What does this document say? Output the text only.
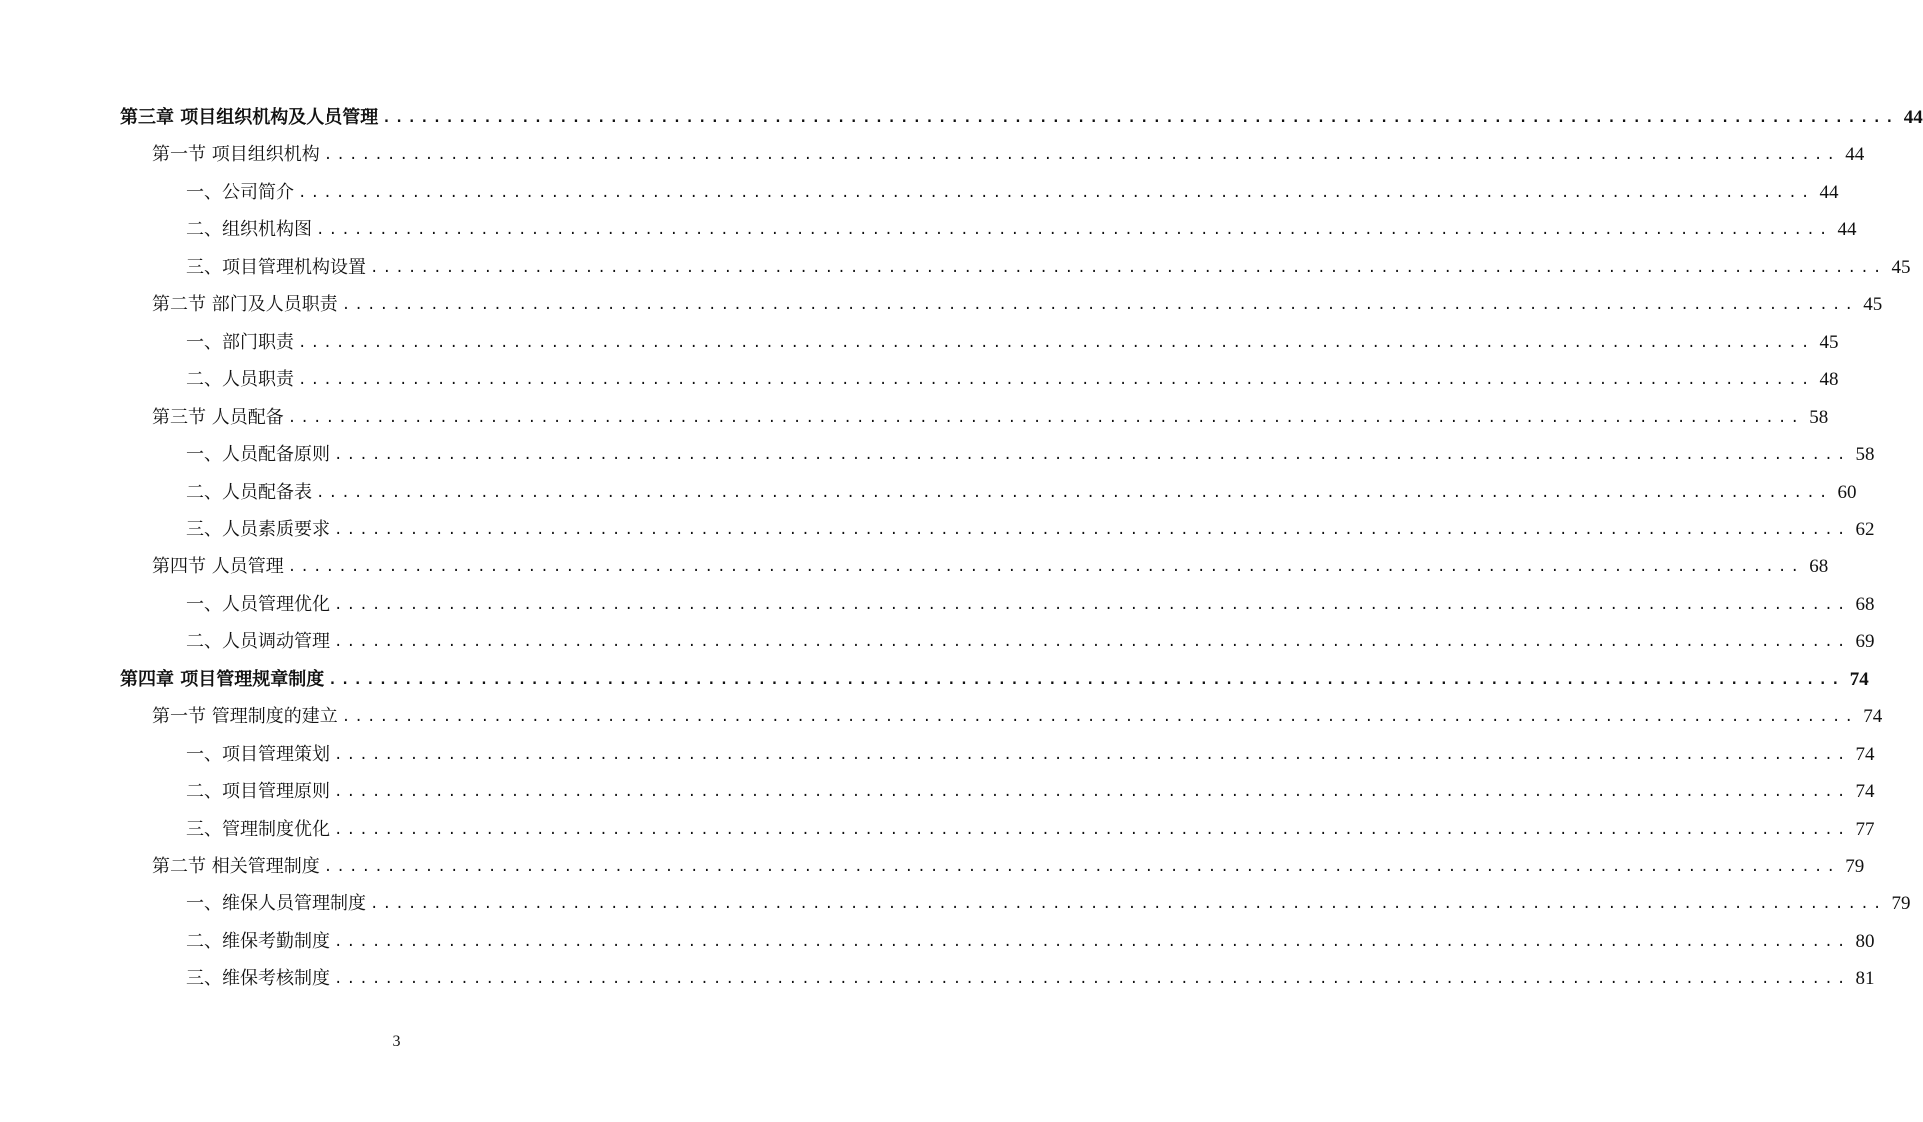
第三章 项目组织机构及人员管理 ........................................................................................................................ 44
第一节 项目组织机构 ........................................................................................................................ 44
一、公司简介 ........................................................................................................................ 44
二、组织机构图 ........................................................................................................................ 44
三、项目管理机构设置 ........................................................................................................................ 45
第二节 部门及人员职责 ........................................................................................................................ 45
一、部门职责 ........................................................................................................................ 45
二、人员职责 ........................................................................................................................ 48
第三节 人员配备 ........................................................................................................................ 58
一、人员配备原则 ........................................................................................................................ 58
二、人员配备表 ........................................................................................................................ 60
三、人员素质要求 ........................................................................................................................ 62
第四节 人员管理 ........................................................................................................................ 68
一、人员管理优化 ........................................................................................................................ 68
二、人员调动管理 ........................................................................................................................ 69
第四章 项目管理规章制度 ........................................................................................................................ 74
第一节 管理制度的建立 ........................................................................................................................ 74
一、项目管理策划 ........................................................................................................................ 74
二、项目管理原则 ........................................................................................................................ 74
三、管理制度优化 ........................................................................................................................ 77
第二节 相关管理制度 ........................................................................................................................ 79
一、维保人员管理制度 ........................................................................................................................ 79
二、维保考勤制度 ........................................................................................................................ 80
三、维保考核制度 ........................................................................................................................ 81
3
